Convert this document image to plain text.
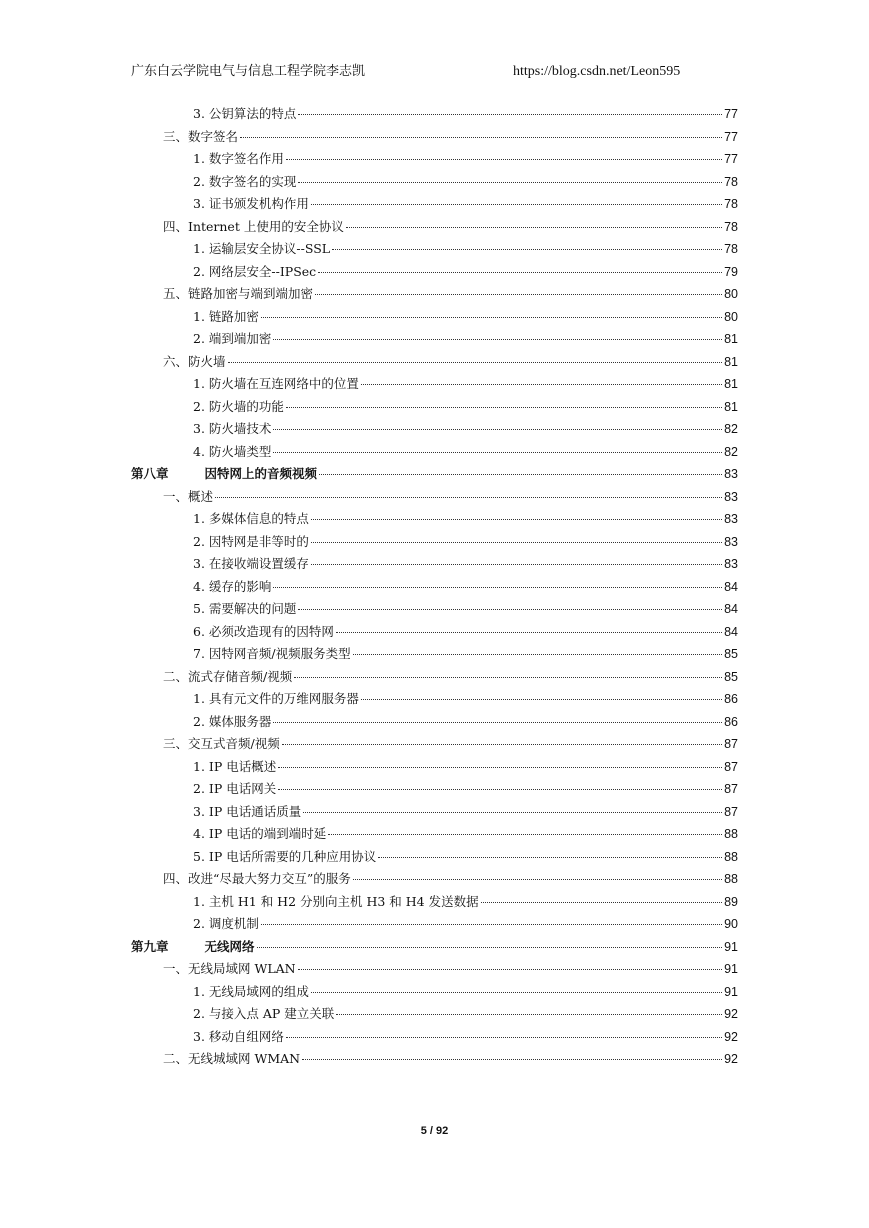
广东白云学院电气与信息工程学院李志凯	https://blog.csdn.net/Leon595
3. 公钥算法的特点	77
三、数字签名	77
1. 数字签名作用	77
2. 数字签名的实现	78
3. 证书颁发机构作用	78
四、Internet 上使用的安全协议	78
1. 运输层安全协议--SSL	78
2. 网络层安全--IPSec	79
五、链路加密与端到端加密	80
1. 链路加密	80
2. 端到端加密	81
六、防火墙	81
1. 防火墙在互连网络中的位置	81
2. 防火墙的功能	81
3. 防火墙技术	82
4. 防火墙类型	82
第八章	因特网上的音频视频	83
一、概述	83
1. 多媒体信息的特点	83
2. 因特网是非等时的	83
3. 在接收端设置缓存	83
4. 缓存的影响	84
5. 需要解决的问题	84
6. 必须改造现有的因特网	84
7. 因特网音频/视频服务类型	85
二、流式存储音频/视频	85
1. 具有元文件的万维网服务器	86
2. 媒体服务器	86
三、交互式音频/视频	87
1. IP 电话概述	87
2. IP 电话网关	87
3. IP 电话通话质量	87
4. IP 电话的端到端时延	88
5. IP 电话所需要的几种应用协议	88
四、改进“尽最大努力交互”的服务	88
1. 主机 H1 和 H2 分别向主机 H3 和 H4 发送数据	89
2. 调度机制	90
第九章	无线网络	91
一、无线局域网 WLAN	91
1. 无线局域网的组成	91
2. 与接入点 AP 建立关联	92
3. 移动自组网络	92
二、无线城域网 WMAN	92
5 / 92
